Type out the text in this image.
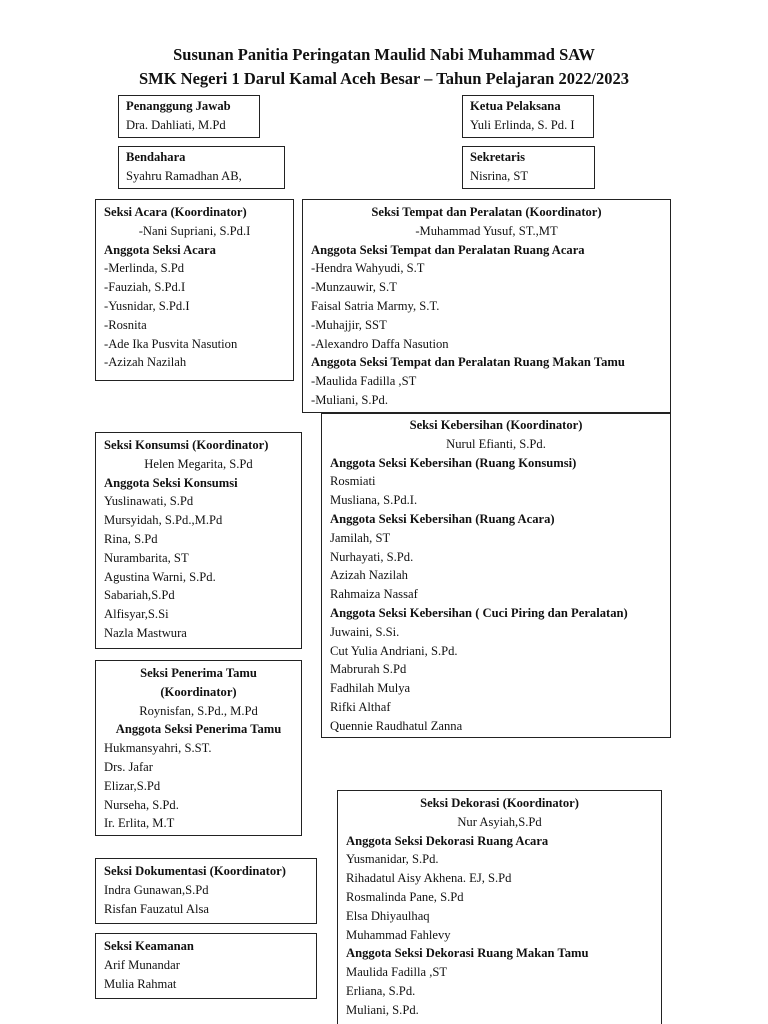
Susunan Panitia Peringatan Maulid Nabi Muhammad SAW
SMK Negeri 1 Darul Kamal Aceh Besar – Tahun Pelajaran 2022/2023
Penanggung Jawab
Dra. Dahliati, M.Pd
Ketua Pelaksana
Yuli Erlinda, S. Pd. I
Bendahara
Syahru Ramadhan AB,
Sekretaris
Nisrina, ST
Seksi Acara (Koordinator)
-Nani Supriani, S.Pd.I
Anggota Seksi Acara
-Merlinda, S.Pd
-Fauziah, S.Pd.I
-Yusnidar, S.Pd.I
-Rosnita
-Ade Ika Pusvita Nasution
-Azizah Nazilah
Seksi Tempat dan Peralatan (Koordinator)
-Muhammad Yusuf, ST.,MT
Anggota Seksi Tempat dan Peralatan Ruang Acara
-Hendra Wahyudi, S.T
-Munzauwir, S.T
Faisal Satria Marmy, S.T.
-Muhajjir, SST
-Alexandro Daffa Nasution
Anggota Seksi Tempat dan Peralatan Ruang Makan Tamu
-Maulida Fadilla ,ST
-Muliani, S.Pd.
Seksi Konsumsi (Koordinator)
Helen Megarita, S.Pd
Anggota Seksi Konsumsi
Yuslinawati, S.Pd
Mursyidah, S.Pd.,M.Pd
Rina, S.Pd
Nurambarita, ST
Agustina Warni, S.Pd.
Sabariah,S.Pd
Alfisyar,S.Si
Nazla Mastwura
Seksi Kebersihan (Koordinator)
Nurul Efianti, S.Pd.
Anggota Seksi Kebersihan (Ruang Konsumsi)
Rosmiati
Musliana, S.Pd.I.
Anggota Seksi Kebersihan (Ruang Acara)
Jamilah, ST
Nurhayati, S.Pd.
Azizah Nazilah
Rahmaiza Nassaf
Anggota Seksi Kebersihan ( Cuci Piring dan Peralatan)
Juwaini, S.Si.
Cut Yulia Andriani, S.Pd.
Mabrurah S.Pd
Fadhilah Mulya
Rifki Althaf
Quennie Raudhatul Zanna
Seksi Penerima Tamu
(Koordinator)
Roynisfan, S.Pd., M.Pd
Anggota Seksi Penerima Tamu
Hukmansyahri, S.ST.
Drs. Jafar
Elizar,S.Pd
Nurseha, S.Pd.
Ir. Erlita, M.T
Seksi Dokumentasi (Koordinator)
Indra Gunawan,S.Pd
Risfan Fauzatul Alsa
Seksi Keamanan
Arif Munandar
Mulia Rahmat
Seksi Dekorasi (Koordinator)
Nur Asyiah,S.Pd
Anggota Seksi Dekorasi Ruang Acara
Yusmanidar, S.Pd.
Rihadatul Aisy Akhena. EJ, S.Pd
Rosmalinda Pane, S.Pd
Elsa Dhiyaulhaq
Muhammad Fahlevy
Anggota Seksi Dekorasi Ruang Makan Tamu
Maulida Fadilla ,ST
Erliana, S.Pd.
Muliani, S.Pd.
